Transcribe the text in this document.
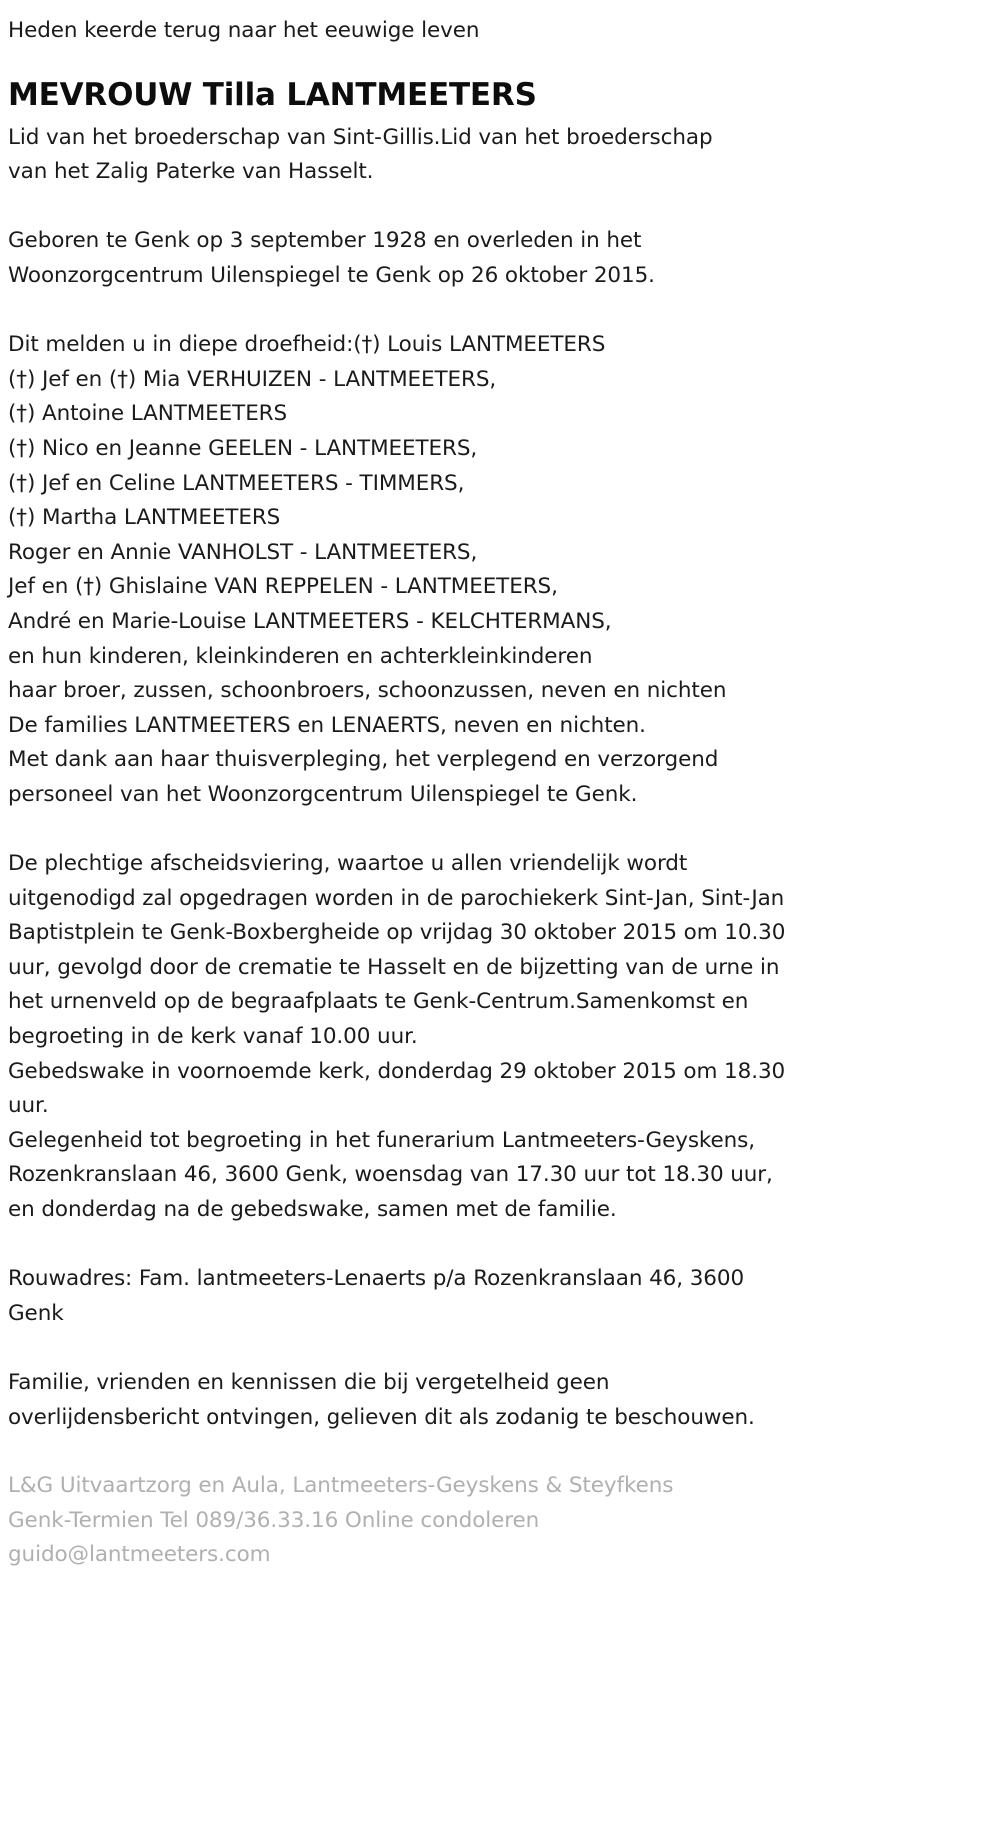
Heden keerde terug naar het eeuwige leven

MEVROUW Tilla LANTMEETERS

Lid van het broederschap van Sint-Gillis.Lid van het broederschap

van het Zalig Paterke van Hasselt.

Geboren te Genk op 3 september 1928 en overleden in het

Woonzorgcentrum Uilenspiegel te Genk op 26 oktober 2015.

Dit melden u in diepe droefheid:(†) Louis LANTMEETERS

(†) Jef en (†) Mia VERHUIZEN - LANTMEETERS,

(†) Antoine LANTMEETERS

(†) Nico en Jeanne GEELEN - LANTMEETERS,

(†) Jef en Celine LANTMEETERS - TIMMERS,

(†) Martha LANTMEETERS

Roger en Annie VANHOLST - LANTMEETERS,

Jef en (†) Ghislaine VAN REPPELEN - LANTMEETERS,

André en Marie-Louise LANTMEETERS - KELCHTERMANS,

en hun kinderen, kleinkinderen en achterkleinkinderen

haar broer, zussen, schoonbroers, schoonzussen, neven en nichten

De families LANTMEETERS en LENAERTS, neven en nichten.

Met dank aan haar thuisverpleging, het verplegend en verzorgend

personeel van het Woonzorgcentrum Uilenspiegel te Genk.

De plechtige afscheidsviering, waartoe u allen vriendelijk wordt

uitgenodigd zal opgedragen worden in de parochiekerk Sint-Jan, Sint-Jan

Baptistplein te Genk-Boxbergheide op vrijdag 30 oktober 2015 om 10.30

uur, gevolgd door de crematie te Hasselt en de bijzetting van de urne in

het urnenveld op de begraafplaats te Genk-Centrum.Samenkomst en

begroeting in de kerk vanaf 10.00 uur.

Gebedswake in voornoemde kerk, donderdag 29 oktober 2015 om 18.30

uur.

Gelegenheid tot begroeting in het funerarium Lantmeeters-Geyskens,

Rozenkranslaan 46, 3600 Genk, woensdag van 17.30 uur tot 18.30 uur,

en donderdag na de gebedswake, samen met de familie.

Rouwadres: Fam. lantmeeters-Lenaerts p/a Rozenkranslaan 46, 3600

Genk

Familie, vrienden en kennissen die bij vergetelheid geen

overlijdensbericht ontvingen, gelieven dit als zodanig te beschouwen.

L&G Uitvaartzorg en Aula, Lantmeeters-Geyskens & Steyfkens

Genk-Termien Tel 089/36.33.16 Online condoleren

guido@lantmeeters.com
